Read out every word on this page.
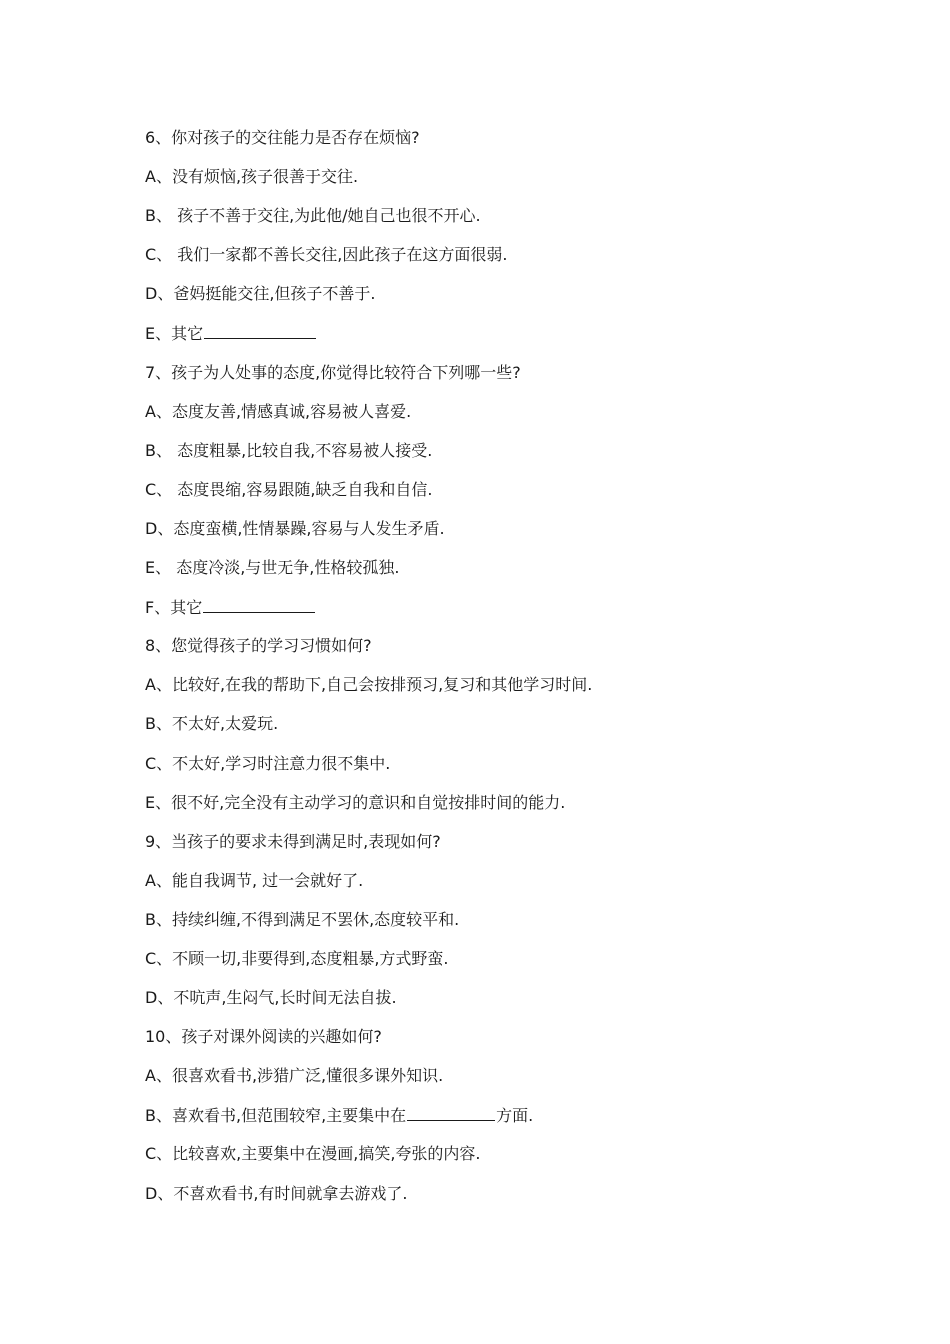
6、你对孩子的交往能力是否存在烦恼?
A、没有烦恼,孩子很善于交往.
B、 孩子不善于交往,为此他/她自己也很不开心.
C、 我们一家都不善长交往,因此孩子在这方面很弱.
D、爸妈挺能交往,但孩子不善于.
E、其它
7、孩子为人处事的态度,你觉得比较符合下列哪一些?
A、态度友善,情感真诚,容易被人喜爱.
B、 态度粗暴,比较自我,不容易被人接受.
C、 态度畏缩,容易跟随,缺乏自我和自信.
D、态度蛮横,性情暴躁,容易与人发生矛盾.
E、 态度冷淡,与世无争,性格较孤独.
F、其它
8、您觉得孩子的学习习惯如何?
A、比较好,在我的帮助下,自己会按排预习,复习和其他学习时间.
B、不太好,太爱玩.
C、不太好,学习时注意力很不集中.
E、很不好,完全没有主动学习的意识和自觉按排时间的能力.
9、当孩子的要求未得到满足时,表现如何?
A、能自我调节, 过一会就好了.
B、持续纠缠,不得到满足不罢休,态度较平和.
C、不顾一切,非要得到,态度粗暴,方式野蛮.
D、不吭声,生闷气,长时间无法自拔.
10、孩子对课外阅读的兴趣如何?
A、很喜欢看书,涉猎广泛,懂很多课外知识.
B、喜欢看书,但范围较窄,主要集中在	方面.
C、比较喜欢,主要集中在漫画,搞笑,夸张的内容.
D、不喜欢看书,有时间就拿去游戏了.
